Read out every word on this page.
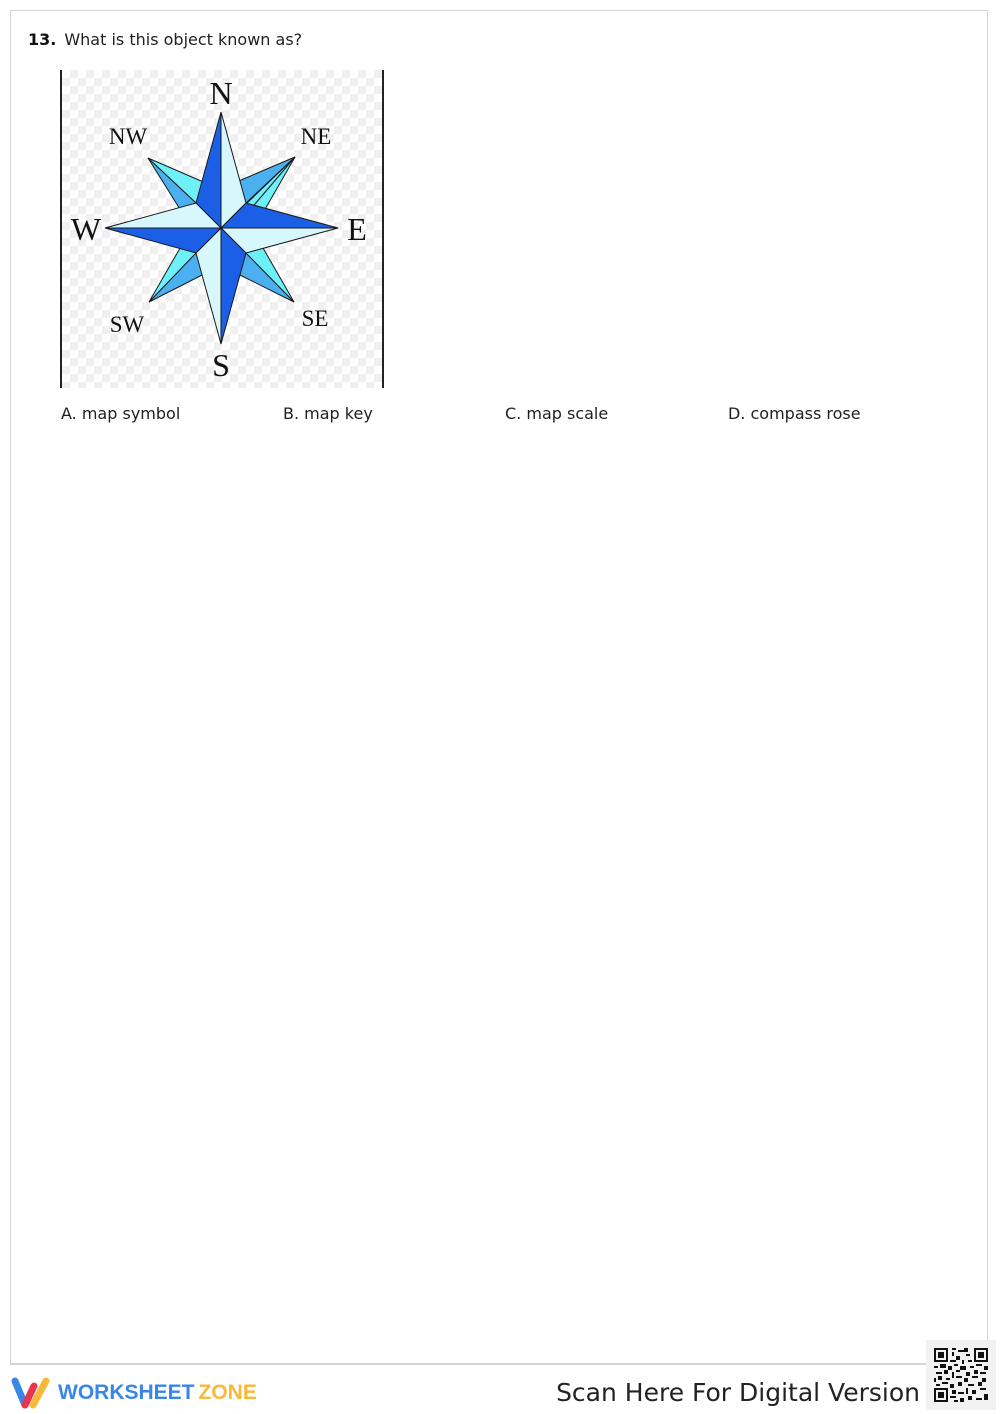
13. What is this object known as?
N
NE
E
SE
S
SW
W
NW
A. map symbol	B. map key	C. map scale	D. compass rose
WORKSHEET ZONE	Scan Here For Digital Version
